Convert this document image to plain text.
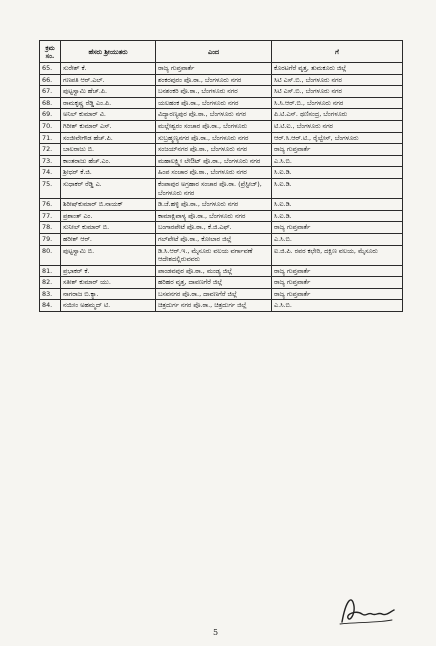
ಕ್ರಮ ಸಂ.	ಹೆಸರು ಶ್ರೀಯುತರು	ಎಂದ	ಗೆ
65.	ಸುರೇಶ್ ಕೆ.	ರಾಜ್ಯ ಗುಪ್ತವಾರ್ತೆ	ಕೊರಟಗೆರೆ ವೃತ್ತ, ತುಮಕೂರು ಜಿಲ್ಲೆ
66.	ಗಣಪತಿ ಆರ್.ಎಲ್.	ಶಂಕರಪುರಂ ಪೊ.ಠಾ., ಬೆಂಗಳೂರು ನಗರ	ಸಿಟಿ ಎಸ್.ಬಿ., ಬೆಂಗಳೂರು ನಗರ
67.	ಪುಟ್ಟಸ್ವಾಮಿ ಹೆಚ್.ಪಿ.	ಬನಶಂಕರಿ ಪೊ.ಠಾ., ಬೆಂಗಳೂರು ನಗರ	ಸಿಟಿ ಎಸ್.ಬಿ., ಬೆಂಗಳೂರು ನಗರ
68.	ರಾಮಕೃಷ್ಣ ರೆಡ್ಡಿ ಎಂ.ಪಿ.	ಯಲಹಂಕ ಪೊ.ಠಾ., ಬೆಂಗಳೂರು ನಗರ	ಸಿ.ಸಿ.ಆರ್.ಬಿ., ಬೆಂಗಳೂರು ನಗರ
69.	ಅನಿಲ್ ಕುಮಾರ್ ವಿ.	ವಿದ್ಯಾರಣ್ಯಪುರ ಪೊ.ಠಾ., ಬೆಂಗಳೂರು ನಗರ	ಪಿ.ಟಿ.ಎಸ್. ಥಣಿಸಂದ್ರ, ಬೆಂಗಳೂರು
70.	ಗಿರೀಶ್ ಕುಮಾರ್ ಎಸ್.	ಮಲ್ಲೇಶ್ವರಂ ಸಂಚಾರ ಪೊ.ಠಾ., ಬೆಂಗಳೂರು	ಟಿ.ಟಿ.ಐ., ಬೆಂಗಳೂರು ನಗರ
71.	ಸಂಜೀವೇಗೌಡ ಹೆಚ್.ಪಿ.	ಸುಬ್ರಹ್ಮಣ್ಯನಗರ ಪೊ.ಠಾ., ಬೆಂಗಳೂರು ನಗರ	ಆರ್.ಸಿ.ಆರ್.ಟಿ., ರೈಲ್ವೇಸ್, ಬೆಂಗಳೂರು
72.	ಬಾಲರಾಜು ಬಿ.	ಸಂಜಯ್‌ನಗರ ಪೊ.ಠಾ., ಬೆಂಗಳೂರು ನಗರ	ರಾಜ್ಯ ಗುಪ್ತವಾರ್ತೆ
73.	ಕಾಂತರಾಜು ಹೆಚ್.ಎಂ.	ಮಹಾಲಕ್ಷ್ಮೀ ಲೇಔಟ್ ಪೊ.ಠಾ., ಬೆಂಗಳೂರು ನಗರ	ಎ.ಸಿ.ಬಿ.
74.	ಶ್ರೀಧರ್ ಕೆ.ಜಿ.	ಹಿಂಪ ಸಂಚಾರ ಪೊ.ಠಾ., ಬೆಂಗಳೂರು ನಗರ	ಸಿ.ಐ.ಡಿ.
75.	ಸುಧಾಕರ್ ರೆಡ್ಡಿ ಎ.	ಕೆಂಪಾಪುರ ಅಗ್ರಹಾರ ಸಂಚಾರ ಪೊ.ಠಾ. (ಪ್ರೆಸ್ಟೀಜ್), ಬೆಂಗಳೂರು ನಗರ	ಸಿ.ಐ.ಡಿ.
76.	ಶಿರೀಷ್‌ಕುಮಾರ್ ಬಿ.ನಾಯಕ್	ಡಿ.ಜೆ.ಹಳ್ಳಿ ಪೊ.ಠಾ., ಬೆಂಗಳೂರು ನಗರ	ಸಿ.ಐ.ಡಿ.
77.	ಪ್ರಶಾಂತ್ ಎಂ.	ಕಾಮಾಕ್ಷಿಪಾಳ್ಯ ಪೊ.ಠಾ., ಬೆಂಗಳೂರು ನಗರ	ಸಿ.ಐ.ಡಿ.
78.	ಸುನೀಲ್ ಕುಮಾರ್ ಬಿ.	ಬಂಗಾರಪೇಟೆ ಪೊ.ಠಾ., ಕೆ.ಜಿ.ಎಫ್.	ರಾಜ್ಯ ಗುಪ್ತವಾರ್ತೆ
79.	ಹರೀಶ್ ಆರ್.	ಗಲ್‌ಪೇಟೆ ಪೊ.ಠಾ., ಕೋಲಾರ ಜಿಲ್ಲೆ	ಎ.ಸಿ.ಬಿ.
80.	ಪುಟ್ಟಸ್ವಾಮಿ ಬಿ.	ಡಿ.ಸಿ.ಆರ್.ಇ., ಮೈಸೂರು ವಲಯ ವರ್ಗಾವಣೆ ಆದೇಶದಲ್ಲಿರುವವರು	ಐ.ಜಿ.ಪಿ. ರವರ ಕಛೇರಿ, ದಕ್ಷಿಣ ವಲಯ, ಮೈಸೂರು
81.	ಪ್ರಭಾಕರ್ ಕೆ.	ಪಾಂಡವಪುರ ಪೊ.ಠಾ., ಮಂಡ್ಯ ಜಿಲ್ಲೆ	ರಾಜ್ಯ ಗುಪ್ತವಾರ್ತೆ
82.	ಸತೀಶ್ ಕುಮಾರ್ ಯು.	ಹರಿಹರ ವೃತ್ತ, ದಾವಣಗೆರೆ ಜಿಲ್ಲೆ	ರಾಜ್ಯ ಗುಪ್ತವಾರ್ತೆ
83.	ನಾಗರಾಜ ಬಿ.ಕ್ಯಾ.	ಬಸವನಗರ ಪೊ.ಠಾ., ದಾವಣಗೆರೆ ಜಿಲ್ಲೆ	ರಾಜ್ಯ ಗುಪ್ತವಾರ್ತೆ
84.	ನಯೀಂ ಅಹಮ್ಮದ್ ಟಿ.	ಚಿತ್ರದುರ್ಗ ನಗರ ಪೊ.ಠಾ., ಚಿತ್ರದುರ್ಗ ಜಿಲ್ಲೆ	ಎ.ಸಿ.ಬಿ.
5
